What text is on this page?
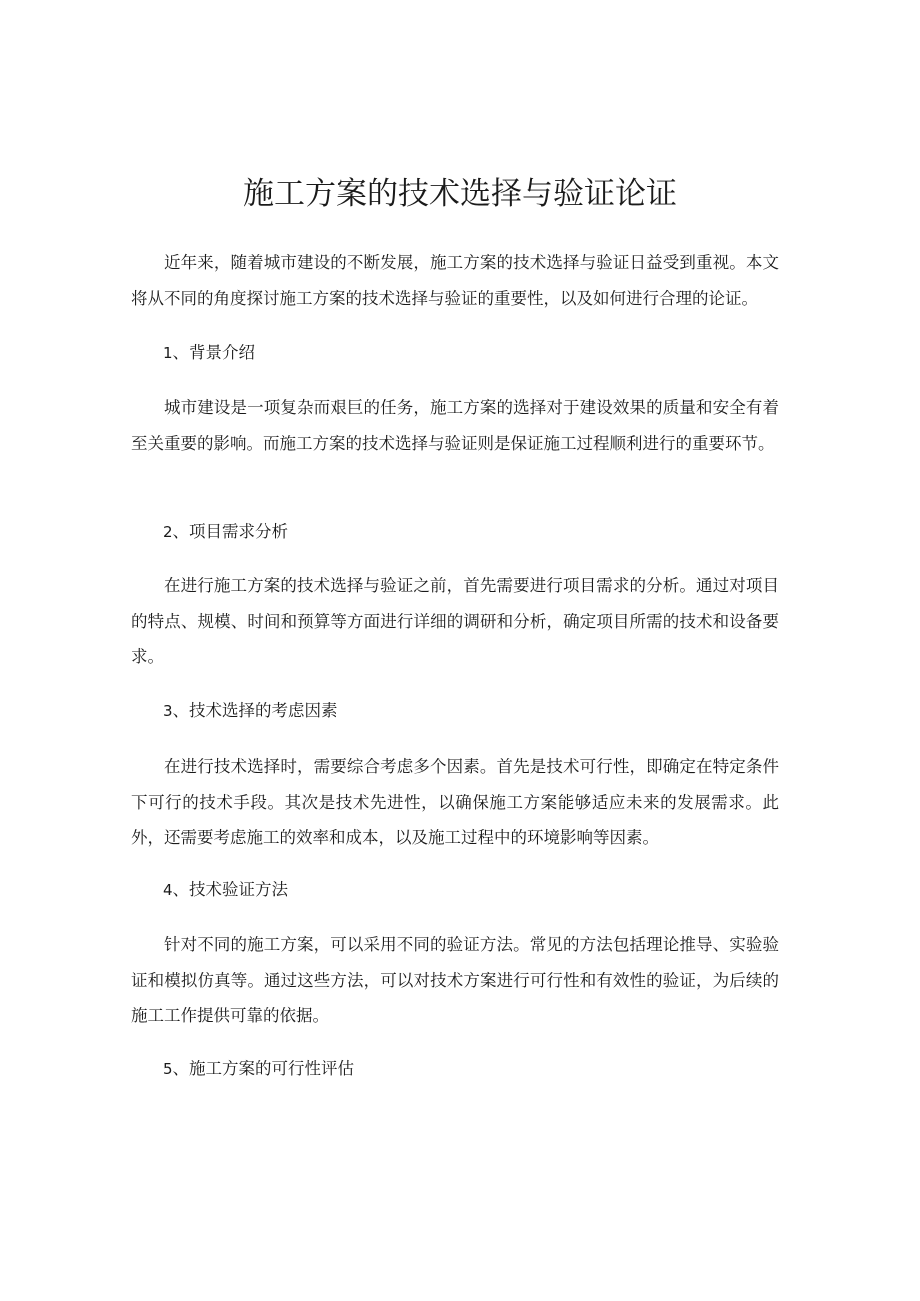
施工方案的技术选择与验证论证

近年来，随着城市建设的不断发展，施工方案的技术选择与验证日益受到重视。本文将从不同的角度探讨施工方案的技术选择与验证的重要性，以及如何进行合理的论证。

1、背景介绍

城市建设是一项复杂而艰巨的任务，施工方案的选择对于建设效果的质量和安全有着至关重要的影响。而施工方案的技术选择与验证则是保证施工过程顺利进行的重要环节。

2、项目需求分析

在进行施工方案的技术选择与验证之前，首先需要进行项目需求的分析。通过对项目的特点、规模、时间和预算等方面进行详细的调研和分析，确定项目所需的技术和设备要求。

3、技术选择的考虑因素

在进行技术选择时，需要综合考虑多个因素。首先是技术可行性，即确定在特定条件下可行的技术手段。其次是技术先进性，以确保施工方案能够适应未来的发展需求。此外，还需要考虑施工的效率和成本，以及施工过程中的环境影响等因素。

4、技术验证方法

针对不同的施工方案，可以采用不同的验证方法。常见的方法包括理论推导、实验验证和模拟仿真等。通过这些方法，可以对技术方案进行可行性和有效性的验证，为后续的施工工作提供可靠的依据。

5、施工方案的可行性评估
